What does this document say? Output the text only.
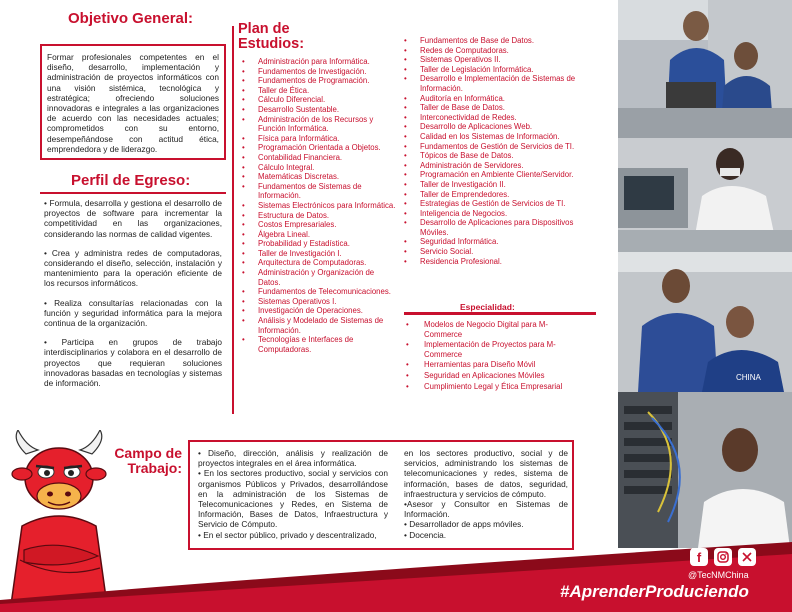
Objetivo General:
Formar profesionales competentes en el diseño, desarrollo, implementación y administración de proyectos informáticos con una visión sistémica, tecnológica y estratégica; ofreciendo soluciones innovadoras e integrales a las organizaciones de acuerdo con las necesidades actuales; comprometidos con su entorno, desempeñándose con actitud ética, emprendedora y de liderazgo.
Perfil de Egreso:
• Formula, desarrolla y gestiona el desarrollo de proyectos de software para incrementar la competitividad en las organizaciones, considerando las normas de calidad vigentes.
• Crea y administra redes de computadoras, considerando el diseño, selección, instalación y mantenimiento para la operación eficiente de los recursos informáticos.
• Realiza consultarías relacionadas con la función y seguridad informática para la mejora continua de la organización.
• Participa en grupos de trabajo interdisciplinarios y colabora en el desarrollo de proyectos que requieran soluciones innovadoras basadas en tecnologías y sistemas de información.
Plan de
Estudios:
• Administración para Informática.
• Fundamentos de Investigación.
• Fundamentos de Programación.
• Taller de Ética.
• Cálculo Diferencial.
• Desarrollo Sustentable.
• Administración de los Recursos y Función Informática.
• Física para Informática.
• Programación Orientada a Objetos.
• Contabilidad Financiera.
• Cálculo Integral.
• Matemáticas Discretas.
• Fundamentos de Sistemas de Información.
• Sistemas Electrónicos para Informática.
• Estructura de Datos.
• Costos Empresariales.
• Álgebra Lineal.
• Probabilidad y Estadística.
• Taller de Investigación I.
• Arquitectura de Computadoras.
• Administración y Organización de Datos.
• Fundamentos de Telecomunicaciones.
• Sistemas Operativos I.
• Investigación de Operaciones.
• Análisis y Modelado de Sistemas de Información.
• Tecnologías e Interfaces de Computadoras.
• Fundamentos de Base de Datos.
• Redes de Computadoras.
• Sistemas Operativos II.
• Taller de Legislación Informática.
• Desarrollo e Implementación de Sistemas de Información.
• Auditoría en Informática.
• Taller de Base de Datos.
• Interconectividad de Redes.
• Desarrollo de Aplicaciones Web.
• Calidad en los Sistemas de Información.
• Fundamentos de Gestión de Servicios de TI.
• Tópicos de Base de Datos.
• Administración de Servidores.
• Programación en Ambiente Cliente/Servidor.
• Taller de Investigación II.
• Taller de Emprendedores.
• Estrategias de Gestión de Servicios de TI.
• Inteligencia de Negocios.
• Desarrollo de Aplicaciones para Dispositivos Móviles.
• Seguridad Informática.
• Servicio Social.
• Residencia Profesional.
Especialidad:
• Modelos de Negocio Digital para M-Commerce
• Implementación de Proyectos para M-Commerce
• Herramientas para Diseño Móvil
• Seguridad en Aplicaciones Móviles
• Cumplimiento Legal y Ética Empresarial
CHINA
Campo de
Trabajo:
• Diseño, dirección, análisis y realización de proyectos integrales en el área informática.
• En los sectores productivo, social y servicios con organismos Públicos y Privados, desarrollándose en la administración de los Sistemas de Telecomunicaciones y Redes, en Sistema de Información, Bases de Datos, Infraestructura y Servicio de Cómputo.
• En el sector público, privado y descentralizado,
en los sectores productivo, social y de servicios, administrando los sistemas de telecomunicaciones y redes, sistema de información, bases de datos, seguridad, infraestructura y servicios de cómputo.
•Asesor y Consultor en Sistemas de Información.
• Desarrollador de apps móviles.
• Docencia.
f
@TecNMChina
#AprenderProduciendo
